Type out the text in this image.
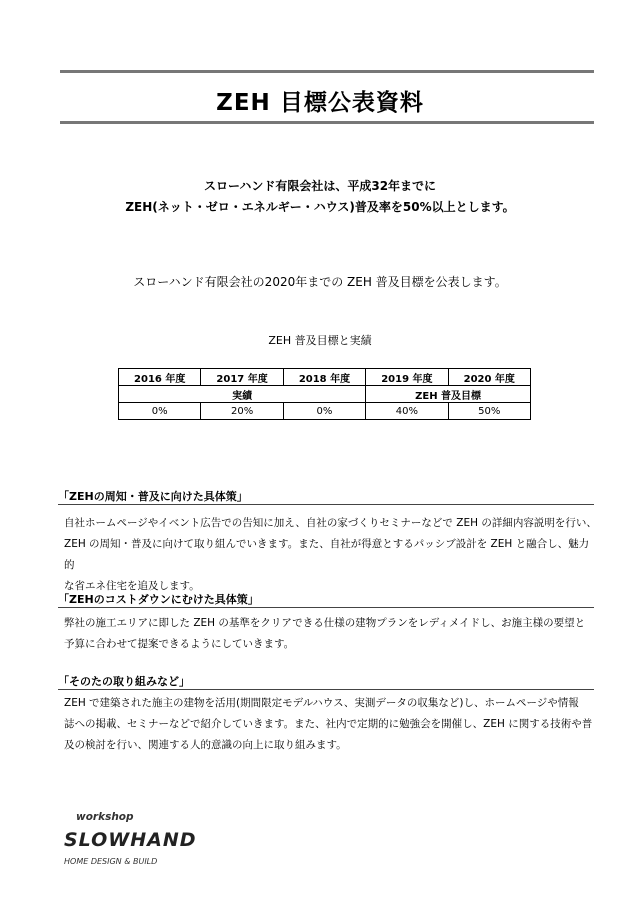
ZEH 目標公表資料
スローハンド有限会社は、平成32年までに
ZEH(ネット・ゼロ・エネルギー・ハウス)普及率を50%以上とします。
スローハンド有限会社の2020年までの ZEH 普及目標を公表します。
ZEH 普及目標と実績
2016 年度	2017 年度	2018 年度	2019 年度	2020 年度
実績			ZEH 普及目標	
0%	20%	0%	40%	50%
「ZEHの周知・普及に向けた具体策」
自社ホームページやイベント広告での告知に加え、自社の家づくりセミナーなどで ZEH の詳細内容説明を行い、
ZEH の周知・普及に向けて取り組んでいきます。また、自社が得意とするパッシブ設計を ZEH と融合し、魅力的
な省エネ住宅を追及します。
「ZEHのコストダウンにむけた具体策」
弊社の施工エリアに即した ZEH の基準をクリアできる仕様の建物プランをレディメイドし、お施主様の要望と
予算に合わせて提案できるようにしていきます。
「そのたの取り組みなど」
ZEH で建築された施主の建物を活用(期間限定モデルハウス、実測データの収集など)し、ホームページや情報
誌への掲載、セミナーなどで紹介していきます。また、社内で定期的に勉強会を開催し、ZEH に関する技術や普
及の検討を行い、関連する人的意識の向上に取り組みます。
workshop
SLOWHAND
HOME DESIGN & BUILD
